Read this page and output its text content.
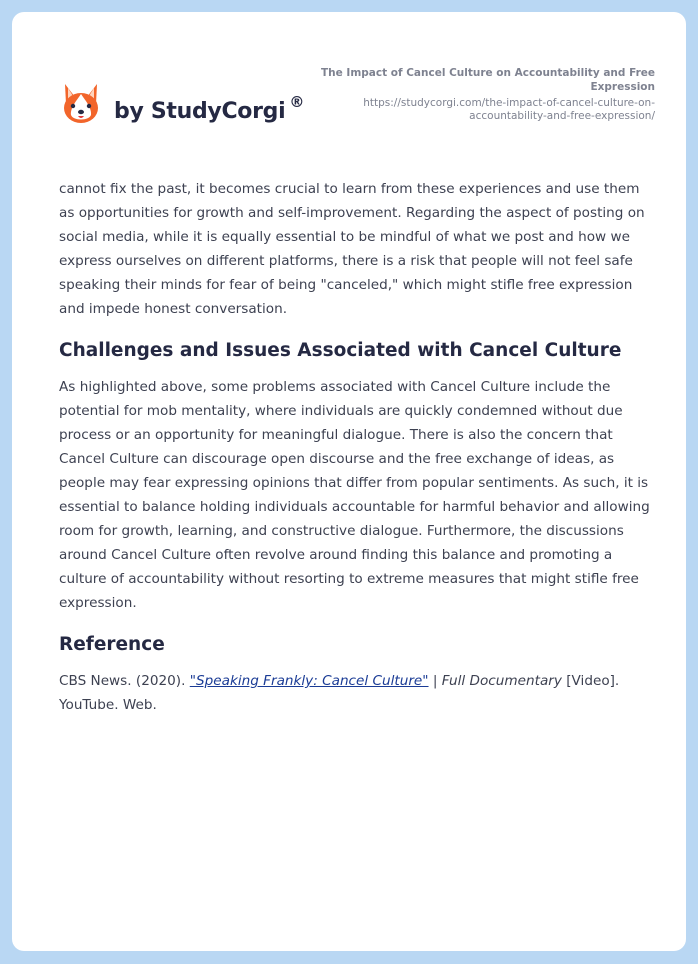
by StudyCorgi ®
The Impact of Cancel Culture on Accountability and Free Expression
https://studycorgi.com/the-impact-of-cancel-culture-on-accountability-and-free-expression/

cannot fix the past, it becomes crucial to learn from these experiences and use them as opportunities for growth and self-improvement. Regarding the aspect of posting on social media, while it is equally essential to be mindful of what we post and how we express ourselves on different platforms, there is a risk that people will not feel safe speaking their minds for fear of being "canceled," which might stifle free expression and impede honest conversation.

Challenges and Issues Associated with Cancel Culture

As highlighted above, some problems associated with Cancel Culture include the potential for mob mentality, where individuals are quickly condemned without due process or an opportunity for meaningful dialogue. There is also the concern that Cancel Culture can discourage open discourse and the free exchange of ideas, as people may fear expressing opinions that differ from popular sentiments. As such, it is essential to balance holding individuals accountable for harmful behavior and allowing room for growth, learning, and constructive dialogue. Furthermore, the discussions around Cancel Culture often revolve around finding this balance and promoting a culture of accountability without resorting to extreme measures that might stifle free expression.

Reference

CBS News. (2020). "Speaking Frankly: Cancel Culture" | Full Documentary [Video]. YouTube. Web.
